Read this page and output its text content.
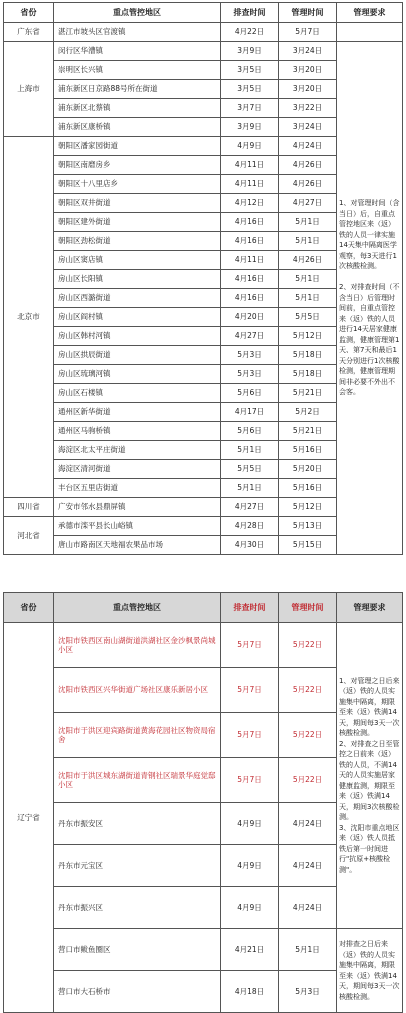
省份	重点管控地区	排查时间	管理时间	管理要求
广东省	湛江市坡头区官渡镇	4月22日	5月7日	
上海市	闵行区华漕镇	3月9日	3月24日	1、对管理时间（含当日）后，自重点管控地区来（返）铁的人员一律实施14天集中隔离医学观察，每3天进行1次核酸检测。

2、对排查时间（不含当日）后管理时间前，自重点管控来（返）铁的人员进行14天居家健康监测，健康管理第1天、第7天和最后1天分别进行1次核酸检测，健康管理期间非必要不外出不会客。
	崇明区长兴镇	3月5日	3月20日	
	浦东新区日京路88号所在街道	3月5日	3月20日	
	浦东新区北蔡镇	3月7日	3月22日	
	浦东新区康桥镇	3月9日	3月24日	
北京市	朝阳区潘家园街道	4月9日	4月24日	
	朝阳区南磨房乡	4月11日	4月26日	
	朝阳区十八里店乡	4月11日	4月26日	
	朝阳区双井街道	4月12日	4月27日	
	朝阳区建外街道	4月16日	5月1日	
	朝阳区劲松街道	4月16日	5月1日	
	房山区窦店镇	4月11日	4月26日	
	房山区长阳镇	4月16日	5月1日	
	房山区西潞街道	4月16日	5月1日	
	房山区阎村镇	4月20日	5月5日	
	房山区韩村河镇	4月27日	5月12日	
	房山区拱辰街道	5月3日	5月18日	
	房山区琉璃河镇	5月3日	5月18日	
	房山区石楼镇	5月6日	5月21日	
	通州区新华街道	4月17日	5月2日	
	通州区马驹桥镇	5月6日	5月21日	
	海淀区北太平庄街道	5月1日	5月16日	
	海淀区清河街道	5月5日	5月20日	
	丰台区五里店街道	5月1日	5月16日	
四川省	广安市邻水县鼎屏镇	4月27日	5月12日	
河北省	承德市滦平县长山峪镇	4月28日	5月13日	
	唐山市路南区天地福农果品市场	4月30日	5月15日	
省份	重点管控地区	排查时间	管理时间	管理要求
辽宁省	沈阳市铁西区南山湖街道洪湖社区金沙枫景尚城小区	5月7日	5月22日	1、对管理之日后来（返）铁的人员实施集中隔离，期限至来（返）铁满14天，期间每3天一次核酸检测。
2、对排查之日至管控之日前来（返）铁的人员，不满14天的人员实施居家健康监测，期限至来（返）铁满14天，期间3次核酸检测。
3、沈阳市重点地区来（返）铁人员抵铁后第一时间进行"抗原+核酸检测"。
	沈阳市铁西区兴华街道广场社区康乐新居小区	5月7日	5月22日	
	沈阳市于洪区迎宾路街道黄海花园社区物资局宿舍	5月7日	5月22日	
	沈阳市于洪区城东湖街道青钢社区瑞景华庭觉邸小区	5月7日	5月22日	
	丹东市振安区	4月9日	4月24日	
	丹东市元宝区	4月9日	4月24日	
	丹东市振兴区	4月9日	4月24日	
	营口市鲅鱼圈区	4月21日	5月1日	对排查之日后来（返）铁的人员实施集中隔离，期限至来（返）铁满14天，期间每3天一次核酸检测。
	营口市大石桥市	4月18日	5月3日	
